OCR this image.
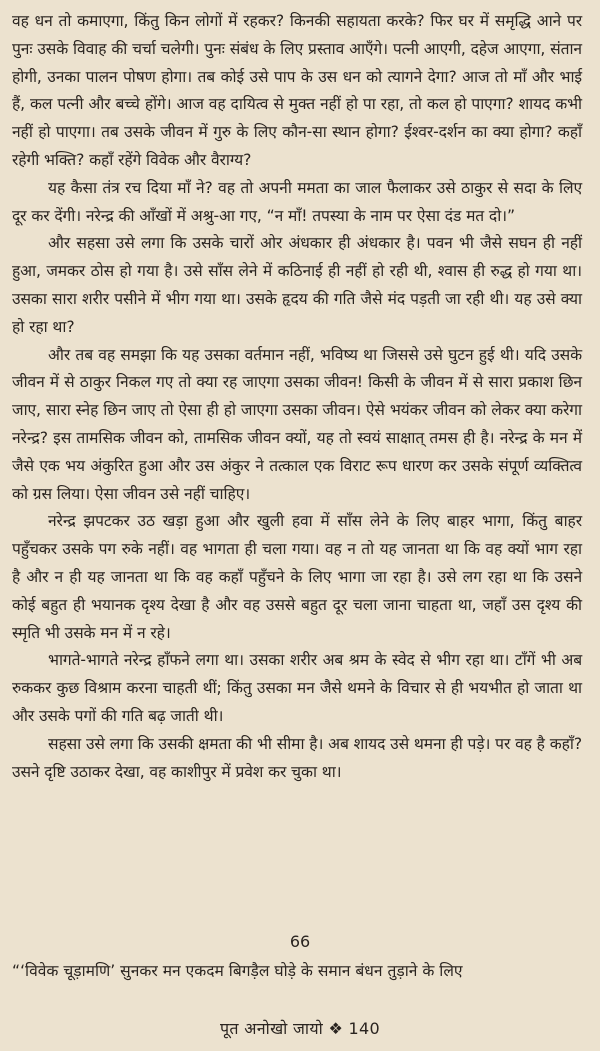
वह धन तो कमाएगा, किंतु किन लोगों में रहकर? किनकी सहायता करके? फिर घर में समृद्धि आने पर पुनः उसके विवाह की चर्चा चलेगी। पुनः संबंध के लिए प्रस्ताव आएँगे। पत्नी आएगी, दहेज आएगा, संतान होगी, उनका पालन पोषण होगा। तब कोई उसे पाप के उस धन को त्यागने देगा? आज तो माँ और भाई हैं, कल पत्नी और बच्चे होंगे। आज वह दायित्व से मुक्त नहीं हो पा रहा, तो कल हो पाएगा? शायद कभी नहीं हो पाएगा। तब उसके जीवन में गुरु के लिए कौन-सा स्थान होगा? ईश्वर-दर्शन का क्या होगा? कहाँ रहेगी भक्ति? कहाँ रहेंगे विवेक और वैराग्य?

यह कैसा तंत्र रच दिया माँ ने? वह तो अपनी ममता का जाल फैलाकर उसे ठाकुर से सदा के लिए दूर कर देंगी। नरेन्द्र की आँखों में अश्रु-आ गए, “न माँ! तपस्या के नाम पर ऐसा दंड मत दो।”

और सहसा उसे लगा कि उसके चारों ओर अंधकार ही अंधकार है। पवन भी जैसे सघन ही नहीं हुआ, जमकर ठोस हो गया है। उसे साँस लेने में कठिनाई ही नहीं हो रही थी, श्वास ही रुद्ध हो गया था। उसका सारा शरीर पसीने में भीग गया था। उसके हृदय की गति जैसे मंद पड़ती जा रही थी। यह उसे क्या हो रहा था?

और तब वह समझा कि यह उसका वर्तमान नहीं, भविष्य था जिससे उसे घुटन हुई थी। यदि उसके जीवन में से ठाकुर निकल गए तो क्या रह जाएगा उसका जीवन! किसी के जीवन में से सारा प्रकाश छिन जाए, सारा स्नेह छिन जाए तो ऐसा ही हो जाएगा उसका जीवन। ऐसे भयंकर जीवन को लेकर क्या करेगा नरेन्द्र? इस तामसिक जीवन को, तामसिक जीवन क्यों, यह तो स्वयं साक्षात् तमस ही है। नरेन्द्र के मन में जैसे एक भय अंकुरित हुआ और उस अंकुर ने तत्काल एक विराट रूप धारण कर उसके संपूर्ण व्यक्तित्व को ग्रस लिया। ऐसा जीवन उसे नहीं चाहिए।

नरेन्द्र झपटकर उठ खड़ा हुआ और खुली हवा में साँस लेने के लिए बाहर भागा, किंतु बाहर पहुँचकर उसके पग रुके नहीं। वह भागता ही चला गया। वह न तो यह जानता था कि वह क्यों भाग रहा है और न ही यह जानता था कि वह कहाँ पहुँचने के लिए भागा जा रहा है। उसे लग रहा था कि उसने कोई बहुत ही भयानक दृश्य देखा है और वह उससे बहुत दूर चला जाना चाहता था, जहाँ उस दृश्य की स्मृति भी उसके मन में न रहे।

भागते-भागते नरेन्द्र हाँफने लगा था। उसका शरीर अब श्रम के स्वेद से भीग रहा था। टाँगें भी अब रुककर कुछ विश्राम करना चाहती थीं; किंतु उसका मन जैसे थमने के विचार से ही भयभीत हो जाता था और उसके पगों की गति बढ़ जाती थी।

सहसा उसे लगा कि उसकी क्षमता की भी सीमा है। अब शायद उसे थमना ही पड़े। पर वह है कहाँ? उसने दृष्टि उठाकर देखा, वह काशीपुर में प्रवेश कर चुका था।

66
“‘विवेक चूड़ामणि’ सुनकर मन एकदम बिगड़ैल घोड़े के समान बंधन तुड़ाने के लिए
पूत अनोखो जायो ❖ 140
